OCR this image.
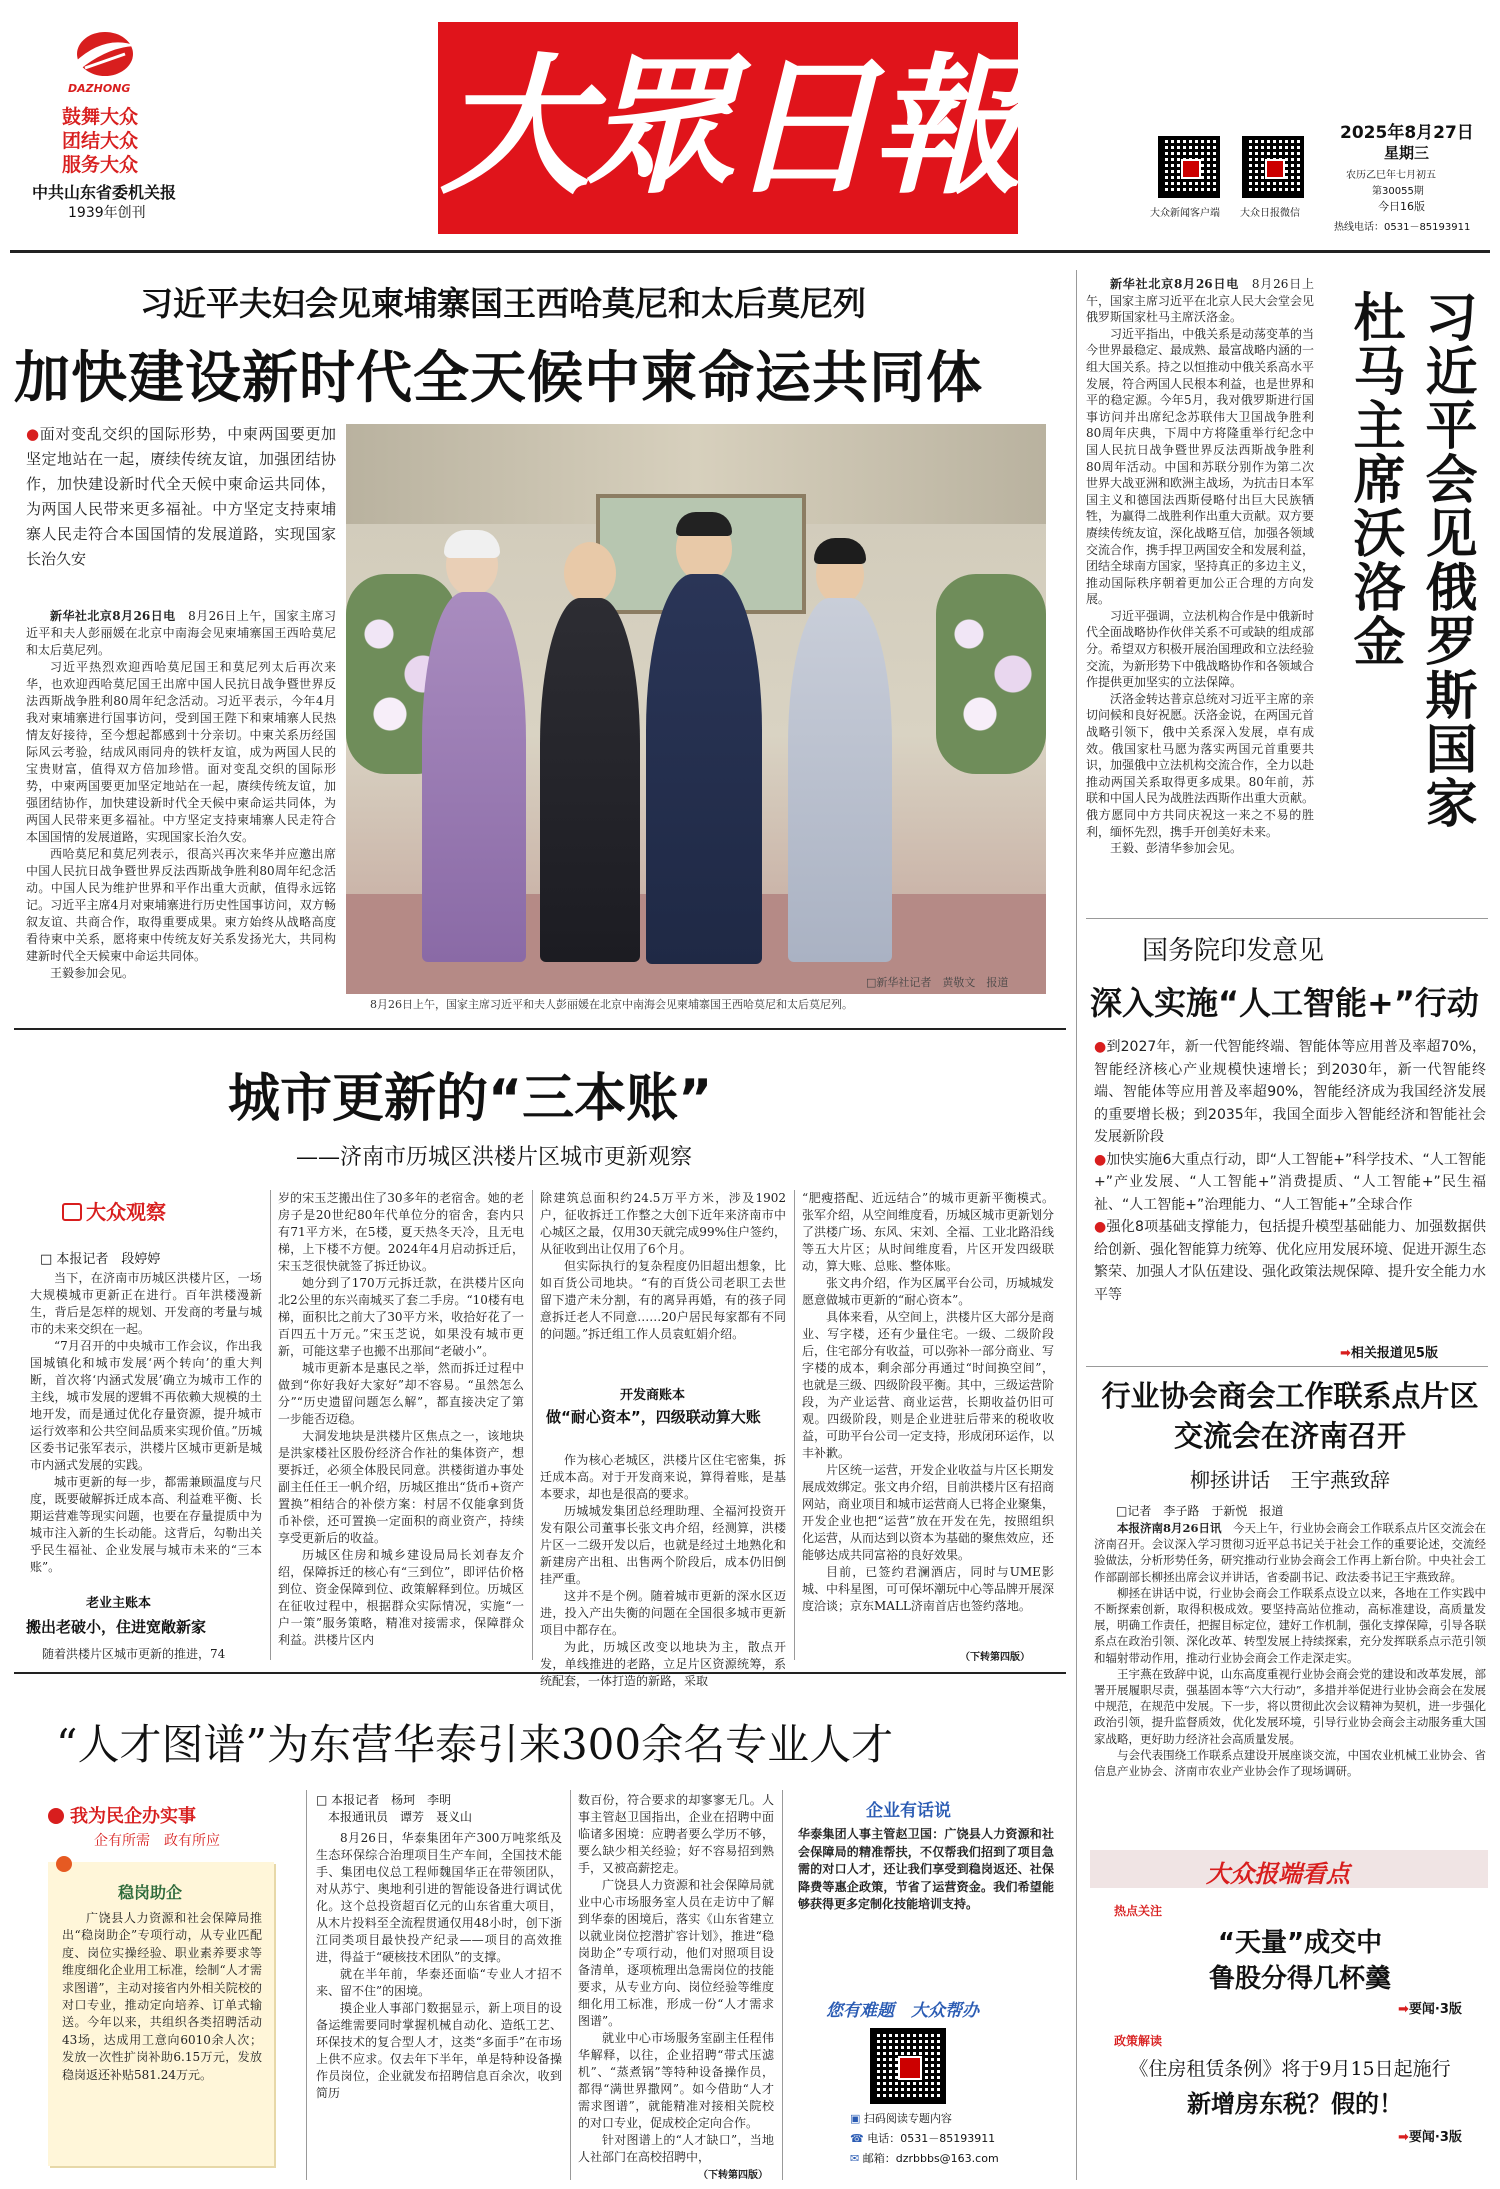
DAZHONG
鼓舞大众
团结大众
服务大众
中共山东省委机关报
1939年创刊 大眾日報	大众新闻客户端 大众日报微信
2025年8月27日
星期三
农历乙巳年七月初五
第30055期
今日16版
热线电话：0531－85193911
习近平夫妇会见柬埔寨国王西哈莫尼和太后莫尼列
加快建设新时代全天候中柬命运共同体
●面对变乱交织的国际形势，中柬两国要更加坚定地站在一起，赓续传统友谊，加强团结协作，加快建设新时代全天候中柬命运共同体，为两国人民带来更多福祉。中方坚定支持柬埔寨人民走符合本国国情的发展道路，实现国家长治久安

新华社北京8月26日电　 8月26日上午，国家主席习近平和夫人彭丽媛在北京中南海会见柬埔寨国王西哈莫尼和太后莫尼列。

习近平热烈欢迎西哈莫尼国王和莫尼列太后再次来华，也欢迎西哈莫尼国王出席中国人民抗日战争暨世界反法西斯战争胜利80周年纪念活动。习近平表示，今年4月我对柬埔寨进行国事访问，受到国王陛下和柬埔寨人民热情友好接待，至今想起都感到十分亲切。中柬关系历经国际风云考验，结成风雨同舟的铁杆友谊，成为两国人民的宝贵财富，值得双方倍加珍惜。面对变乱交织的国际形势，中柬两国要更加坚定地站在一起，赓续传统友谊，加强团结协作，加快建设新时代全天候中柬命运共同体，为两国人民带来更多福祉。中方坚定支持柬埔寨人民走符合本国国情的发展道路，实现国家长治久安。

西哈莫尼和莫尼列表示，很高兴再次来华并应邀出席中国人民抗日战争暨世界反法西斯战争胜利80周年纪念活动。中国人民为维护世界和平作出重大贡献，值得永远铭记。习近平主席4月对柬埔寨进行历史性国事访问，双方畅叙友谊、共商合作，取得重要成果。柬方始终从战略高度看待柬中关系，愿将柬中传统友好关系发扬光大，共同构建新时代全天候柬中命运共同体。

王毅参加会见。

□新华社记者　黄敬文　报道
8月26日上午，国家主席习近平和夫人彭丽媛在北京中南海会见柬埔寨国王西哈莫尼和太后莫尼列。

新华社北京8月26日电　 8月26日上午，国家主席习近平在北京人民大会堂会见俄罗斯国家杜马主席沃洛金。

习近平指出，中俄关系是动荡变革的当今世界最稳定、最成熟、最富战略内涵的一组大国关系。持之以恒推动中俄关系高水平发展，符合两国人民根本利益，也是世界和平的稳定源。今年5月，我对俄罗斯进行国事访问并出席纪念苏联伟大卫国战争胜利80周年庆典，下周中方将隆重举行纪念中国人民抗日战争暨世界反法西斯战争胜利80周年活动。中国和苏联分别作为第二次世界大战亚洲和欧洲主战场，为抗击日本军国主义和德国法西斯侵略付出巨大民族牺牲，为赢得二战胜利作出重大贡献。双方要赓续传统友谊，深化战略互信，加强各领域交流合作，携手捍卫两国安全和发展利益，团结全球南方国家，坚持真正的多边主义，推动国际秩序朝着更加公正合理的方向发展。

习近平强调，立法机构合作是中俄新时代全面战略协作伙伴关系不可或缺的组成部分。希望双方积极开展治国理政和立法经验交流，为新形势下中俄战略协作和各领域合作提供更加坚实的立法保障。

沃洛金转达普京总统对习近平主席的亲切问候和良好祝愿。沃洛金说，在两国元首战略引领下，俄中关系深入发展，卓有成效。俄国家杜马愿为落实两国元首重要共识，加强俄中立法机构交流合作，全力以赴推动两国关系取得更多成果。80年前，苏联和中国人民为战胜法西斯作出重大贡献。俄方愿同中方共同庆祝这一来之不易的胜利，缅怀先烈，携手开创美好未来。

王毅、彭清华参加会见。

习近平会见俄罗斯国家杜马主席沃洛金
国务院印发意见
深入实施“人工智能+”行动
●到2027年，新一代智能终端、智能体等应用普及率超70%，智能经济核心产业规模快速增长；到2030年，新一代智能终端、智能体等应用普及率超90%，智能经济成为我国经济发展的重要增长极；到2035年，我国全面步入智能经济和智能社会发展新阶段
●加快实施6大重点行动，即“人工智能+”科学技术、“人工智能+”产业发展、“人工智能+”消费提质、“人工智能+”民生福祉、“人工智能+”治理能力、“人工智能+”全球合作
●强化8项基础支撑能力，包括提升模型基础能力、加强数据供给创新、强化智能算力统筹、优化应用发展环境、促进开源生态繁荣、加强人才队伍建设、强化政策法规保障、提升安全能力水平等
➡ 相关报道见5版
行业协会商会工作联系点片区交流会在济南召开
柳拯讲话　王宇燕致辞
□记者　李子路　于新悦　报道

本报济南8月26日讯　 今天上午，行业协会商会工作联系点片区交流会在济南召开。会议深入学习贯彻习近平总书记关于社会工作的重要论述，交流经验做法，分析形势任务，研究推动行业协会商会工作再上新台阶。中央社会工作部副部长柳拯出席会议并讲话，省委副书记、政法委书记王宇燕致辞。

柳拯在讲话中说，行业协会商会工作联系点设立以来，各地在工作实践中不断探索创新，取得积极成效。要坚持高站位推动，高标准建设，高质量发展，明确工作责任，把握目标定位，建好工作机制，强化支撑保障，引导各联系点在政治引领、深化改革、转型发展上持续探索，充分发挥联系点示范引领和辐射带动作用，推动行业协会商会工作走深走实。

王宇燕在致辞中说，山东高度重视行业协会商会党的建设和改革发展，部署开展履职尽责，强基固本等“六大行动”，多措并举促进行业协会商会在发展中规范，在规范中发展。下一步，将以贯彻此次会议精神为契机，进一步强化政治引领，提升监督质效，优化发展环境，引导行业协会商会主动服务重大国家战略，更好助力经济社会高质量发展。

与会代表围绕工作联系点建设开展座谈交流，中国农业机械工业协会、省信息产业协会、济南市农业产业协会作了现场调研。

大众报端看点
热点关注
“天量”成交中
鲁股分得几杯羹
➡ 要闻·3版
政策解读
《住房租赁条例》将于9月15日起施行
新增房东税？假的！
➡ 要闻·3版
城市更新的“三本账”
——济南市历城区洪楼片区城市更新观察
大众观察
□ 本报记者　段婷婷

当下，在济南市历城区洪楼片区，一场大规模城市更新正在进行。百年洪楼漫新生，背后是怎样的规划、开发商的考量与城市的未来交织在一起。

“7月召开的中央城市工作会议，作出我国城镇化和城市发展‘两个转向’的重大判断，首次将‘内涵式发展’确立为城市工作的主线，城市发展的逻辑不再依赖大规模的土地开发，而是通过优化存量资源，提升城市运行效率和公共空间品质来实现价值。”历城区委书记张军表示，洪楼片区城市更新是城市内涵式发展的实践。

城市更新的每一步，都需兼顾温度与尺度，既要破解拆迁成本高、利益难平衡、长期运营难等现实问题，也要在存量提质中为城市注入新的生长动能。这背后，勾勒出关乎民生福祉、企业发展与城市未来的“三本账”。

老业主账本
搬出老破小，住进宽敞新家
随着洪楼片区城市更新的推进，74

岁的宋玉芝搬出住了30多年的老宿舍。她的老房子是20世纪80年代单位分的宿舍，套内只有71平方米，在5楼，夏天热冬天冷，且无电梯，上下楼不方便。2024年4月启动拆迁后，宋玉芝很快就签了拆迁协议。

她分到了170万元拆迁款，在洪楼片区向北2公里的东兴南城买了套二手房。“10楼有电梯，面积比之前大了30平方米，收拾好花了一百四五十万元。”宋玉芝说，如果没有城市更新，可能这辈子也搬不出那间“老破小”。

城市更新本是惠民之举，然而拆迁过程中做到“你好我好大家好”却不容易。“虽然怎么分”“历史遗留问题怎么解”，都直接决定了第一步能否迈稳。

大洞发地块是洪楼片区焦点之一，该地块是洪家楼社区股份经济合作社的集体资产，想要拆迁，必须全体股民同意。洪楼街道办事处副主任任王一帆介绍，历城区推出“货币+资产置换”相结合的补偿方案：村居不仅能拿到货币补偿，还可置换一定面积的商业资产，持续享受更新后的收益。

历城区住房和城乡建设局局长刘春友介绍，保障拆迁的核心有“三到位”，即评估价格到位、资金保障到位、政策解释到位。历城区在征收过程中，根据群众实际情况，实施“一户一策”服务策略，精准对接需求，保障群众利益。洪楼片区内

除建筑总面积约24.5万平方米，涉及1902户，征收拆迁工作整之大创下近年来济南市中心城区之最，仅用30天就完成99%住户签约，从征收到出让仅用了6个月。

但实际执行的复杂程度仍旧超出想象，比如百货公司地块。“有的百货公司老职工去世留下遗产未分割，有的离异再婚，有的孩子同意拆迁老人不同意……20户居民每家都有不同的问题。”拆迁组工作人员袁虹娟介绍。

开发商账本
做“耐心资本”，四级联动算大账

作为核心老城区，洪楼片区住宅密集，拆迁成本高。对于开发商来说，算得着账，是基本要求，却也是很高的要求。

历城城发集团总经理助理、全福河投资开发有限公司董事长张文冉介绍，经测算，洪楼片区一二级开发以后，也就是经过土地熟化和新建房产出租、出售两个阶段后，成本仍旧倒挂严重。

这并不是个例。随着城市更新的深水区迈进，投入产出失衡的问题在全国很多城市更新项目中都存在。

为此，历城区改变以地块为主，散点开发，单线推进的老路，立足片区资源统筹，系统配套，一体打造的新路，采取

“肥瘦搭配、近远结合”的城市更新平衡模式。张军介绍，从空间维度看，历城区城市更新划分了洪楼广场、东风、宋刘、全福、工业北路沿线等五大片区；从时间维度看，片区开发四级联动，算大账、总账、整体账。

张文冉介绍，作为区属平台公司，历城城发愿意做城市更新的“耐心资本”。

具体来看，从空间上，洪楼片区大部分是商业、写字楼，还有少量住宅。一级、二级阶段后，住宅部分有收益，可以弥补一部分商业、写字楼的成本，剩余部分再通过“时间换空间”，也就是三级、四级阶段平衡。其中，三级运营阶段，为产业运营、商业运营，长期收益仍旧可观。四级阶段，则是企业进驻后带来的税收收益，可助平台公司一定支持，形成闭环运作，以丰补歉。

片区统一运营，开发企业收益与片区长期发展成效绑定。张文冉介绍，目前洪楼片区有招商网站，商业项目和城市运营商人已将企业聚集，开发企业也把“运营”放在开发在先，按照组织化运营，从而达到以资本为基础的聚焦效应，还能够达成共同富裕的良好效果。

目前，已签约君澜酒店，同时与UME影城、中科星图，可可保坏潮玩中心等品牌开展深度洽谈；京东MALL济南首店也签约落地。

（下转第四版）
“人才图谱”为东营华泰引来300余名专业人才
我为民企办实事
企有所需　政有所应
稳岗助企
广饶县人力资源和社会保障局推出“稳岗助企”专项行动，从专业匹配度、岗位实操经验、职业素养要求等维度细化企业用工标准，绘制“人才需求图谱”，主动对接省内外相关院校的对口专业，推动定向培养、订单式输送。今年以来，共组织各类招聘活动43场，达成用工意向6010余人次；发放一次性扩岗补助6.15万元，发放稳岗返还补贴581.24万元。
□ 本报记者　杨珂　李明
　本报通讯员　谭芳　聂义山

8月26日，华泰集团年产300万吨浆纸及生态环保综合治理项目生产车间，全国技术能手、集团电仪总工程师魏国华正在带领团队，对从苏宁、奥地利引进的智能设备进行调试优化。这个总投资超百亿元的山东省重大项目，从木片投料至全流程贯通仅用48小时，创下浙江同类项目最快投产纪录——项目的高效推进，得益于“硬核技术团队”的支撑。

就在半年前，华泰还面临“专业人才招不来、留不住”的困境。

摸企业人事部门数据显示，新上项目的设备运维需要同时掌握机械自动化、造纸工艺、环保技术的复合型人才，这类“多面手”在市场上供不应求。仅去年下半年，单是特种设备操作员岗位，企业就发布招聘信息百余次，收到简历

数百份，符合要求的却寥寥无几。人事主管赵卫国指出，企业在招聘中面临诸多困境：应聘者要么学历不够，要么缺少相关经验；好不容易招到熟手，又被高薪挖走。

广饶县人力资源和社会保障局就业中心市场服务室人员在走访中了解到华泰的困境后，落实《山东省建立以就业岗位挖潜扩容计划》，推进“稳岗助企”专项行动，他们对照项目设备清单，逐项梳理出急需岗位的技能要求，从专业方向、岗位经验等维度细化用工标准，形成一份“人才需求图谱”。

就业中心市场服务室副主任程伟华解释，以往，企业招聘“带式压滤机”、“蒸煮锅”等特种设备操作员，都得“满世界撒网”。如今借助“人才需求图谱”，就能精准对接相关院校的对口专业，促成校企定向合作。

针对图谱上的“人才缺口”，当地人社部门在高校招聘中，

（下转第四版）
企业有话说
华泰集团人事主管赵卫国：广饶县人力资源和社会保障局的精准帮扶，不仅帮我们招到了项目急需的对口人才，还让我们享受到稳岗返还、社保降费等惠企政策，节省了运营资金。我们希望能够获得更多定制化技能培训支持。
您有难题　大众帮办
▣ 扫码阅读专题内容
☎ 电话：0531－85193911
✉ 邮箱：dzrbbbs@163.com
